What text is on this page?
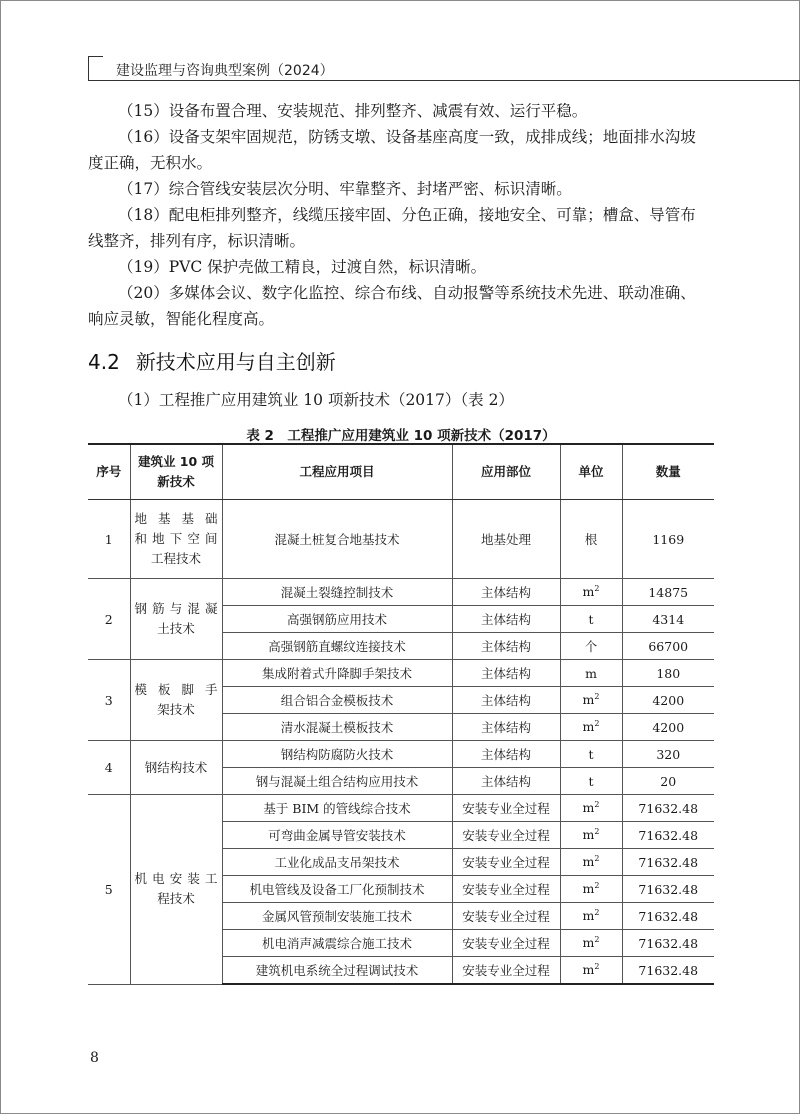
建设监理与咨询典型案例（2024）
（15）设备布置合理、安装规范、排列整齐、减震有效、运行平稳。
（16）设备支架牢固规范，防锈支墩、设备基座高度一致，成排成线；地面排水沟坡
度正确，无积水。
（17）综合管线安装层次分明、牢靠整齐、封堵严密、标识清晰。
（18）配电柜排列整齐，线缆压接牢固、分色正确，接地安全、可靠；槽盒、导管布
线整齐，排列有序，标识清晰。
（19）PVC 保护壳做工精良，过渡自然，标识清晰。
（20）多媒体会议、数字化监控、综合布线、自动报警等系统技术先进、联动准确、
响应灵敏，智能化程度高。
4.2 新技术应用与自主创新
（1）工程推广应用建筑业 10 项新技术（2017）（表 2）
表 2　工程推广应用建筑业 10 项新技术（2017）
序号	建筑业 10 项
新技术	工程应用项目	应用部位	单位	数量
1	地基基础
和地下空间
工程技术	混凝土桩复合地基技术	地基处理	根	1169
2	钢筋与混凝
土技术	混凝土裂缝控制技术	主体结构	$m^2$	14875
		高强钢筋应用技术	主体结构	t	4314
		高强钢筋直螺纹连接技术	主体结构	个	66700
3	模板脚手
架技术	集成附着式升降脚手架技术	主体结构	m	180
		组合铝合金模板技术	主体结构	$m^2$	4200
		清水混凝土模板技术	主体结构	$m^2$	4200
4	钢结构技术	钢结构防腐防火技术	主体结构	t	320
		钢与混凝土组合结构应用技术	主体结构	t	20
5	机电安装工
程技术	基于 BIM 的管线综合技术	安装专业全过程	$m^2$	71632.48
		可弯曲金属导管安装技术	安装专业全过程	$m^2$	71632.48
		工业化成品支吊架技术	安装专业全过程	$m^2$	71632.48
		机电管线及设备工厂化预制技术	安装专业全过程	$m^2$	71632.48
		金属风管预制安装施工技术	安装专业全过程	$m^2$	71632.48
		机电消声减震综合施工技术	安装专业全过程	$m^2$	71632.48
		建筑机电系统全过程调试技术	安装专业全过程	$m^2$	71632.48
8
